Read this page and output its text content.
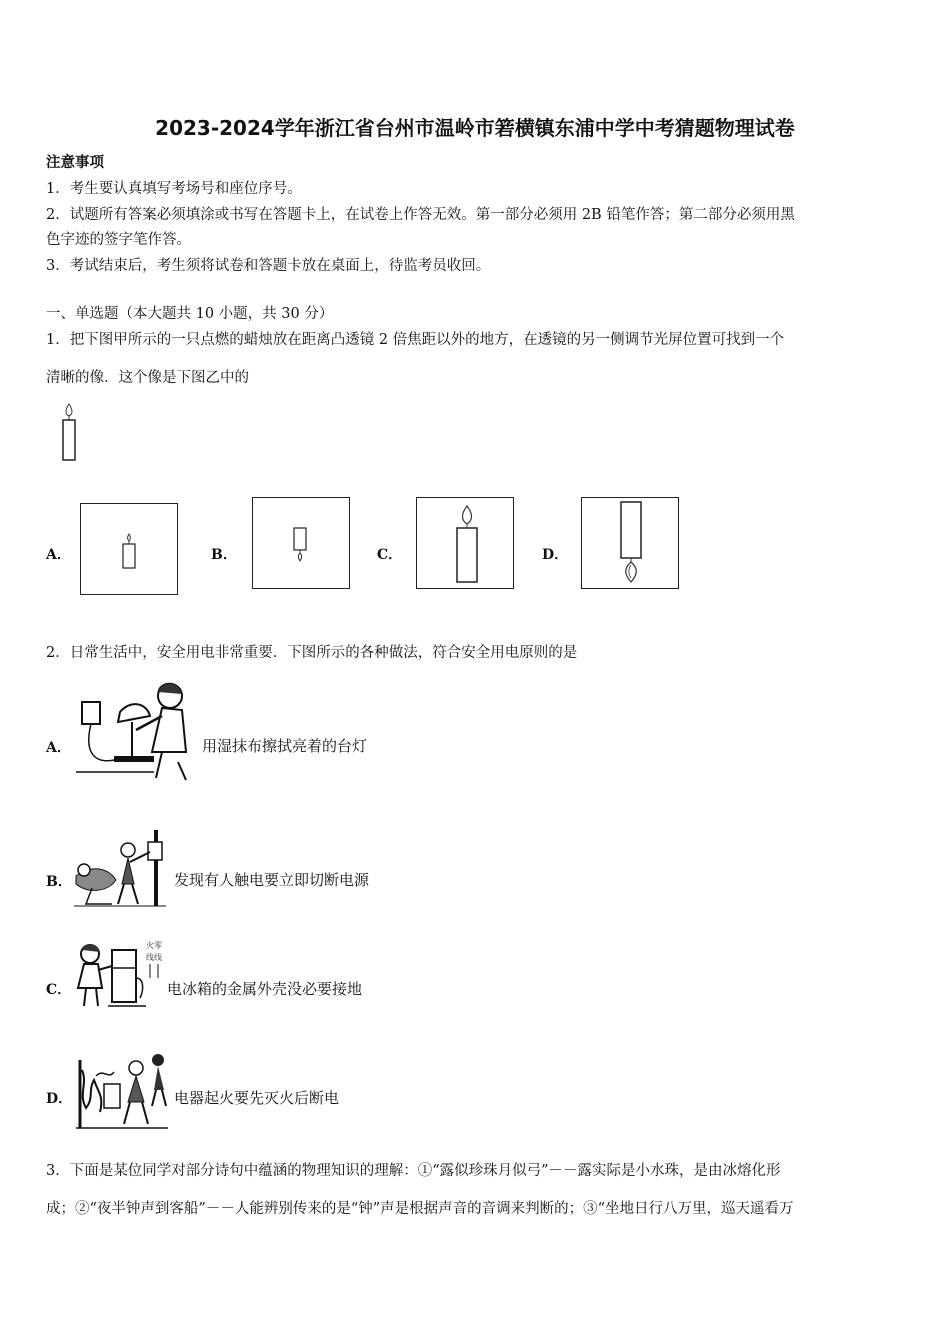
2023-2024学年浙江省台州市温岭市箬横镇东浦中学中考猜题物理试卷
注意事项
1．考生要认真填写考场号和座位序号。
2．试题所有答案必须填涂或书写在答题卡上，在试卷上作答无效。第一部分必须用 2B 铅笔作答；第二部分必须用黑
色字迹的签字笔作答。
3．考试结束后，考生须将试卷和答题卡放在桌面上，待监考员收回。
一、单选题（本大题共 10 小题，共 30 分）
1．把下图甲所示的一只点燃的蜡烛放在距离凸透镜 2 倍焦距以外的地方，在透镜的另一侧调节光屏位置可找到一个
清晰的像．这个像是下图乙中的
A．	B．	C．	D．
2．日常生活中，安全用电非常重要．下图所示的各种做法，符合安全用电原则的是
A．	用湿抹布擦拭亮着的台灯
B．	发现有人触电要立即切断电源
C．
火零
线线
电冰箱的金属外壳没必要接地
D．	电器起火要先灭火后断电
3．下面是某位同学对部分诗句中蕴涵的物理知识的理解：①“露似珍珠月似弓”－－露实际是小水珠，是由冰熔化形
成；②“夜半钟声到客船”－－人能辨别传来的是“钟”声是根据声音的音调来判断的；③“坐地日行八万里，巡天遥看万
